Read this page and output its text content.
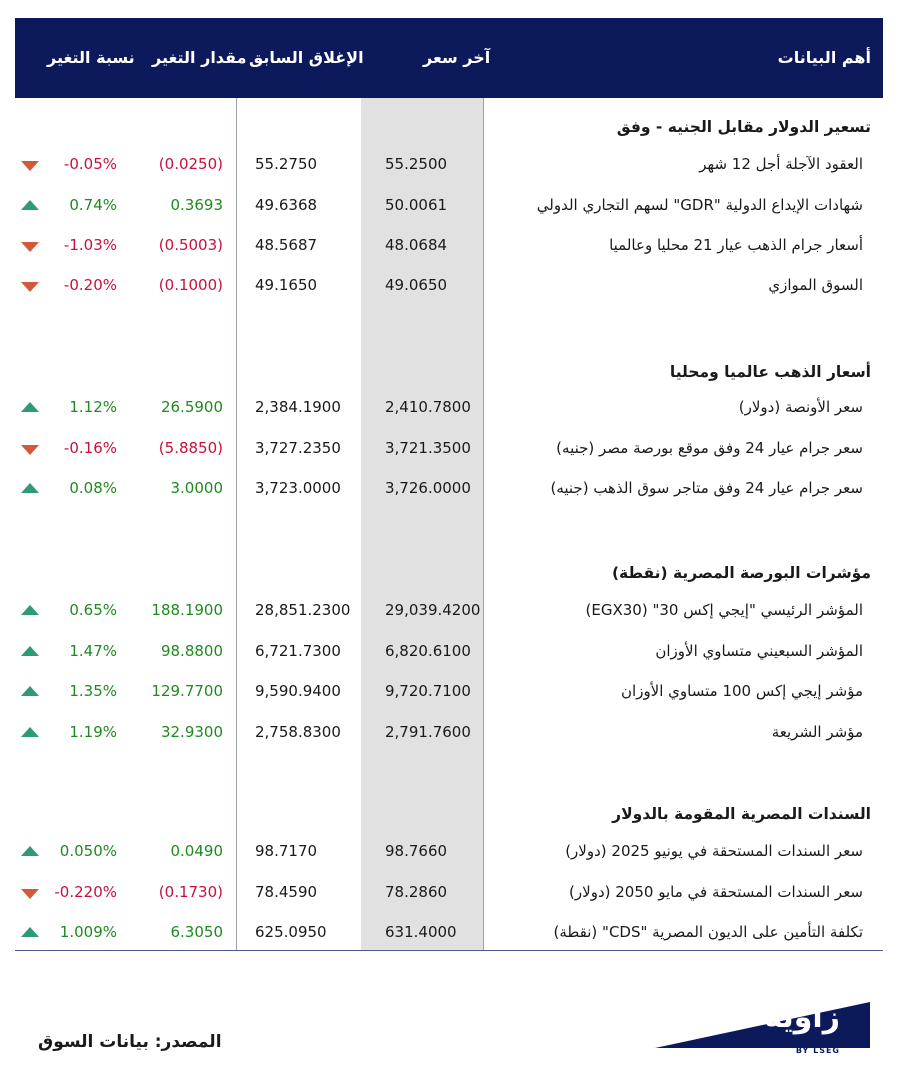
أهم البيانات
آخر سعر
الإغلاق السابق
مقدار التغير
نسبة التغير
تسعير الدولار مقابل الجنيه - وفق
العقود الآجلة أجل 12 شهر
55.2500
55.2750
(0.0250)
-0.05%
شهادات الإيداع الدولية "GDR" لسهم التجاري الدولي
50.0061
49.6368
0.3693
0.74%
أسعار جرام الذهب عيار 21 محليا وعالميا
48.0684
48.5687
(0.5003)
-1.03%
السوق الموازي
49.0650
49.1650
(0.1000)
-0.20%
أسعار الذهب عالميا ومحليا
سعر الأونصة (دولار)
2,410.7800
2,384.1900
26.5900
1.12%
سعر جرام عيار 24 وفق موقع بورصة مصر (جنيه)
3,721.3500
3,727.2350
(5.8850)
-0.16%
سعر جرام عيار 24 وفق متاجر سوق الذهب (جنيه)
3,726.0000
3,723.0000
3.0000
0.08%
مؤشرات البورصة المصرية (نقطة)
المؤشر الرئيسي "إيجي إكس 30" (EGX30)
29,039.4200
28,851.2300
188.1900
0.65%
المؤشر السبعيني متساوي الأوزان
6,820.6100
6,721.7300
98.8800
1.47%
مؤشر إيجي إكس 100 متساوي الأوزان
9,720.7100
9,590.9400
129.7700
1.35%
مؤشر الشريعة
2,791.7600
2,758.8300
32.9300
1.19%
السندات المصرية المقومة بالدولار
سعر السندات المستحقة في يونيو 2025 (دولار)
98.7660
98.7170
0.0490
0.050%
سعر السندات المستحقة في مايو 2050 (دولار)
78.2860
78.4590
(0.1730)
-0.220%
تكلفة التأمين على الديون المصرية "CDS" (نقطة)
631.4000
625.0950
6.3050
1.009%
المصدر: بيانات السوق
زاوية
BY LSEG
